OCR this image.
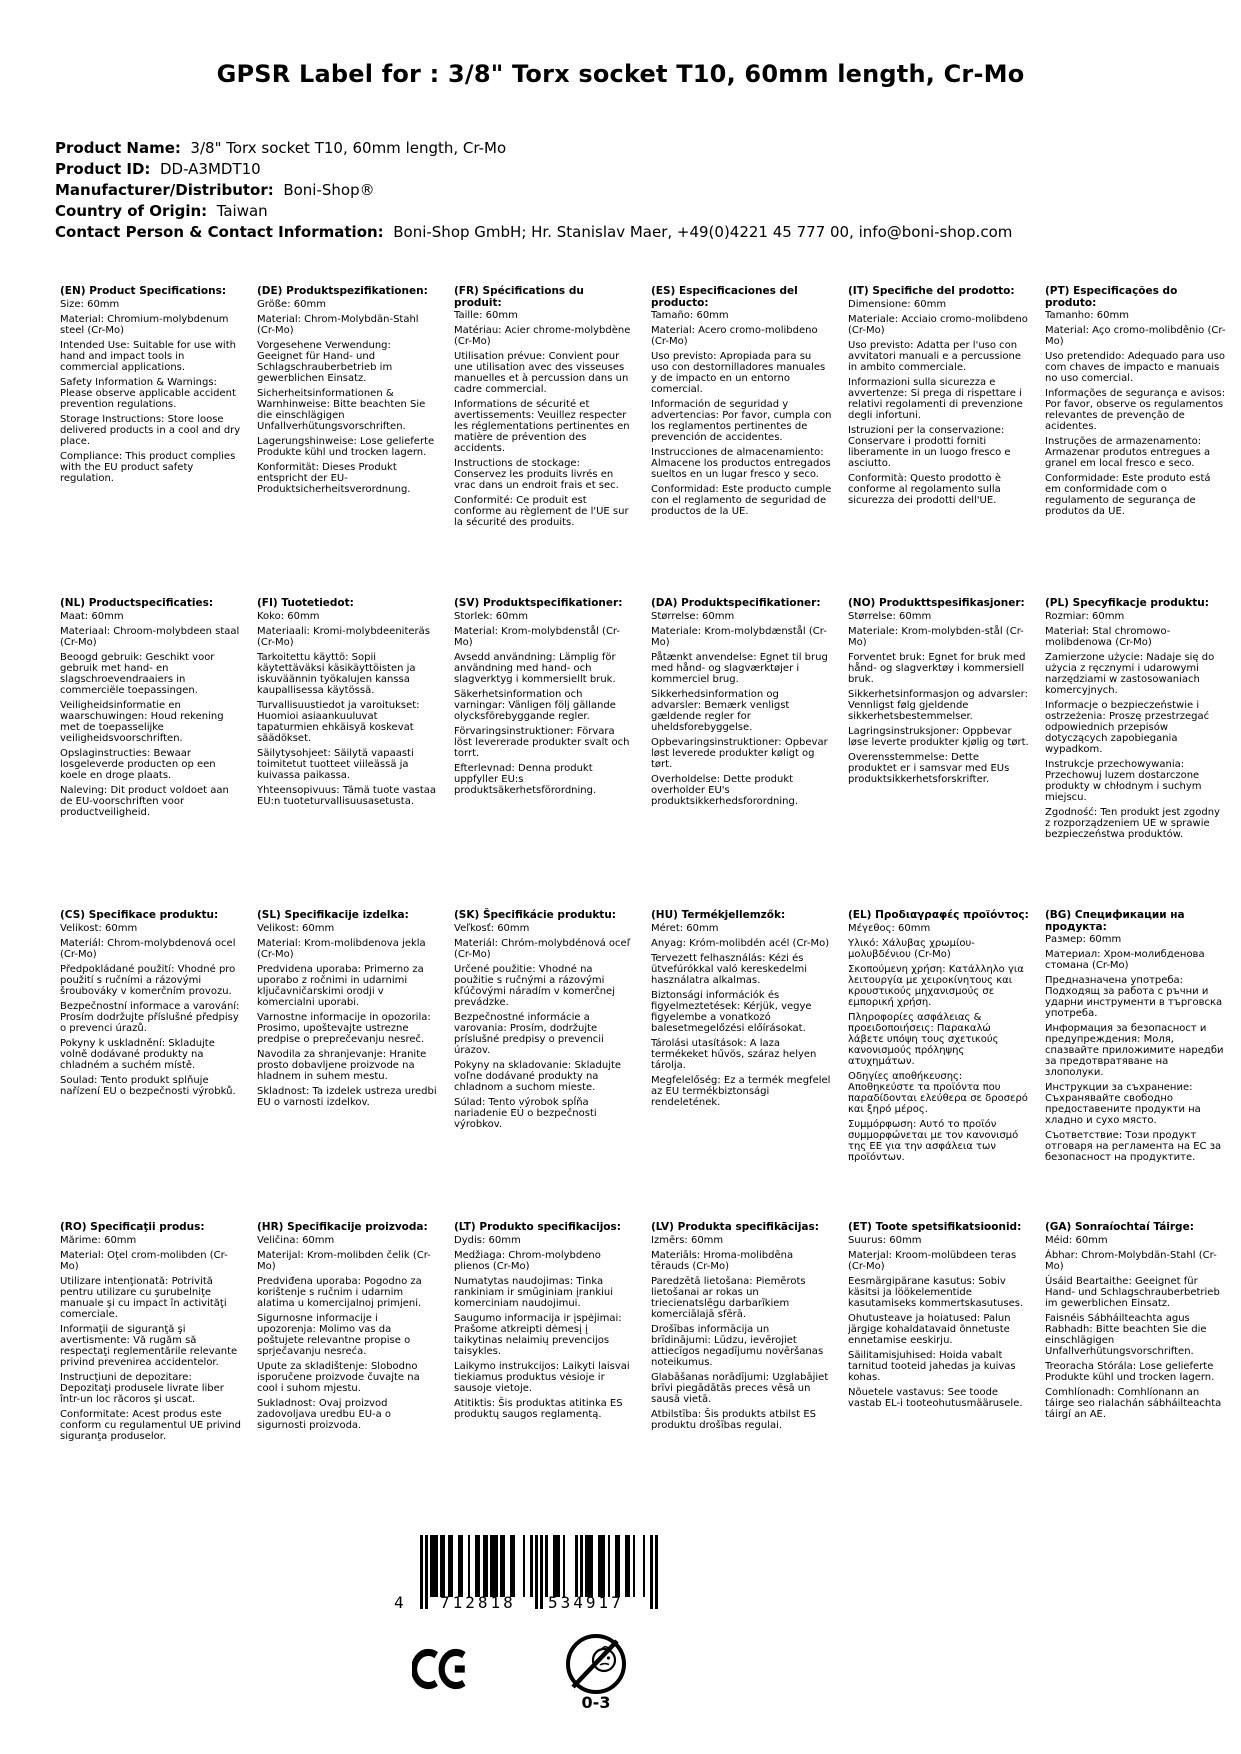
GPSR Label for : 3/8" Torx socket T10, 60mm length, Cr-Mo
Product Name: 3/8" Torx socket T10, 60mm length, Cr-Mo
Product ID: DD-A3MDT10
Manufacturer/Distributor: Boni-Shop®
Country of Origin: Taiwan
Contact Person & Contact Information: Boni-Shop GmbH; Hr. Stanislav Maer, +49(0)4221 45 777 00, info@boni-shop.com
(EN) Product Specifications:

Size: 60mm

Material: Chromium-molybdenum steel (Cr-Mo)

Intended Use: Suitable for use with hand and impact tools in commercial applications.

Safety Information & Warnings: Please observe applicable accident prevention regulations.

Storage Instructions: Store loose delivered products in a cool and dry place.

Compliance: This product complies with the EU product safety regulation.

(DE) Produktspezifikationen:

Größe: 60mm

Material: Chrom-Molybdän-Stahl (Cr-Mo)

Vorgesehene Verwendung: Geeignet für Hand- und Schlagschrauberbetrieb im gewerblichen Einsatz.

Sicherheitsinformationen & Warnhinweise: Bitte beachten Sie die einschlägigen Unfallverhütungsvorschriften.

Lagerungshinweise: Lose gelieferte Produkte kühl und trocken lagern.

Konformität: Dieses Produkt entspricht der EU-Produktsicherheitsverordnung.

(FR) Spécifications du produit:

Taille: 60mm

Matériau: Acier chrome-molybdène (Cr-Mo)

Utilisation prévue: Convient pour une utilisation avec des visseuses manuelles et à percussion dans un cadre commercial.

Informations de sécurité et avertissements: Veuillez respecter les réglementations pertinentes en matière de prévention des accidents.

Instructions de stockage: Conservez les produits livrés en vrac dans un endroit frais et sec.

Conformité: Ce produit est conforme au règlement de l'UE sur la sécurité des produits.

(ES) Especificaciones del producto:

Tamaño: 60mm

Material: Acero cromo-molibdeno (Cr-Mo)

Uso previsto: Apropiada para su uso con destornilladores manuales y de impacto en un entorno comercial.

Información de seguridad y advertencias: Por favor, cumpla con los reglamentos pertinentes de prevención de accidentes.

Instrucciones de almacenamiento: Almacene los productos entregados sueltos en un lugar fresco y seco.

Conformidad: Este producto cumple con el reglamento de seguridad de productos de la UE.

(IT) Specifiche del prodotto:

Dimensione: 60mm

Materiale: Acciaio cromo-molibdeno (Cr-Mo)

Uso previsto: Adatta per l'uso con avvitatori manuali e a percussione in ambito commerciale.

Informazioni sulla sicurezza e avvertenze: Si prega di rispettare i relativi regolamenti di prevenzione degli infortuni.

Istruzioni per la conservazione: Conservare i prodotti forniti liberamente in un luogo fresco e asciutto.

Conformità: Questo prodotto è conforme al regolamento sulla sicurezza dei prodotti dell'UE.

(PT) Especificações do produto:

Tamanho: 60mm

Material: Aço cromo-molibdênio (Cr-Mo)

Uso pretendido: Adequado para uso com chaves de impacto e manuais no uso comercial.

Informações de segurança e avisos: Por favor, observe os regulamentos relevantes de prevenção de acidentes.

Instruções de armazenamento: Armazenar produtos entregues a granel em local fresco e seco.

Conformidade: Este produto está em conformidade com o regulamento de segurança de produtos da UE.

(NL) Productspecificaties:

Maat: 60mm

Materiaal: Chroom-molybdeen staal (Cr-Mo)

Beoogd gebruik: Geschikt voor gebruik met hand- en slagschroevendraaiers in commerciële toepassingen.

Veiligheidsinformatie en waarschuwingen: Houd rekening met de toepasselijke veiligheidsvoorschriften.

Opslaginstructies: Bewaar losgeleverde producten op een koele en droge plaats.

Naleving: Dit product voldoet aan de EU-voorschriften voor productveiligheid.

(FI) Tuotetiedot:

Koko: 60mm

Materiaali: Kromi-molybdeeniteräs (Cr-Mo)

Tarkoitettu käyttö: Sopii käytettäväksi käsikäyttöisten ja iskuväännin työkalujen kanssa kaupallisessa käytössä.

Turvallisuustiedot ja varoitukset: Huomioi asiaankuuluvat tapaturmien ehkäisyä koskevat säädökset.

Säilytysohjeet: Säilytä vapaasti toimitetut tuotteet viileässä ja kuivassa paikassa.

Yhteensopivuus: Tämä tuote vastaa EU:n tuoteturvallisuusasetusta.

(SV) Produktspecifikationer:

Storlek: 60mm

Material: Krom-molybdenstål (Cr-Mo)

Avsedd användning: Lämplig för användning med hand- och slagverktyg i kommersiellt bruk.

Säkerhetsinformation och varningar: Vänligen följ gällande olycksförebyggande regler.

Förvaringsinstruktioner: Förvara löst levererade produkter svalt och torrt.

Efterlevnad: Denna produkt uppfyller EU:s produktsäkerhetsförordning.

(DA) Produktspecifikationer:

Størrelse: 60mm

Materiale: Krom-molybdænstål (Cr-Mo)

Påtænkt anvendelse: Egnet til brug med hånd- og slagværktøjer i kommerciel brug.

Sikkerhedsinformation og advarsler: Bemærk venligst gældende regler for uheldsforebyggelse.

Opbevaringsinstruktioner: Opbevar løst leverede produkter køligt og tørt.

Overholdelse: Dette produkt overholder EU's produktsikkerhedsforordning.

(NO) Produkttspesifikasjoner:

Størrelse: 60mm

Materiale: Krom-molybden-stål (Cr-Mo)

Forventet bruk: Egnet for bruk med hånd- og slagverktøy i kommersiell bruk.

Sikkerhetsinformasjon og advarsler: Vennligst følg gjeldende sikkerhetsbestemmelser.

Lagringsinstruksjoner: Oppbevar løse leverte produkter kjølig og tørt.

Overensstemmelse: Dette produktet er i samsvar med EUs produktsikkerhetsforskrifter.

(PL) Specyfikacje produktu:

Rozmiar: 60mm

Materiał: Stal chromowo-molibdenowa (Cr-Mo)

Zamierzone użycie: Nadaje się do użycia z ręcznymi i udarowymi narzędziami w zastosowaniach komercyjnych.

Informacje o bezpieczeństwie i ostrzeżenia: Proszę przestrzegać odpowiednich przepisów dotyczących zapobiegania wypadkom.

Instrukcje przechowywania: Przechowuj luzem dostarczone produkty w chłodnym i suchym miejscu.

Zgodność: Ten produkt jest zgodny z rozporządzeniem UE w sprawie bezpieczeństwa produktów.

(CS) Specifikace produktu:

Velikost: 60mm

Materiál: Chrom-molybdenová ocel (Cr-Mo)

Předpokládané použití: Vhodné pro použití s ručními a rázovými šroubováky v komerčním provozu.

Bezpečnostní informace a varování: Prosím dodržujte příslušné předpisy o prevenci úrazů.

Pokyny k uskladnění: Skladujte volně dodávané produkty na chladném a suchém místě.

Soulad: Tento produkt splňuje nařízení EU o bezpečnosti výrobků.

(SL) Specifikacije izdelka:

Velikost: 60mm

Material: Krom-molibdenova jekla (Cr-Mo)

Predvidena uporaba: Primerno za uporabo z ročnimi in udarnimi ključavničarskimi orodji v komercialni uporabi.

Varnostne informacije in opozorila: Prosimo, upoštevajte ustrezne predpise o preprečevanju nesreč.

Navodila za shranjevanje: Hranite prosto dobavljene proizvode na hladnem in suhem mestu.

Skladnost: Ta izdelek ustreza uredbi EU o varnosti izdelkov.

(SK) Špecifikácie produktu:

Veľkosť: 60mm

Materiál: Chróm-molybdénová oceľ (Cr-Mo)

Určené použitie: Vhodné na použitie s ručnými a rázovými kľúčovými náradím v komerčnej prevádzke.

Bezpečnostné informácie a varovania: Prosím, dodržujte príslušné predpisy o prevencii úrazov.

Pokyny na skladovanie: Skladujte voľne dodávané produkty na chladnom a suchom mieste.

Súlad: Tento výrobok spĺňa nariadenie EÚ o bezpečnosti výrobkov.

(HU) Termékjellemzők:

Méret: 60mm

Anyag: Króm-molibdén acél (Cr-Mo)

Tervezett felhasználás: Kézi és ütvefúrókkal való kereskedelmi használatra alkalmas.

Biztonsági információk és figyelmeztetések: Kérjük, vegye figyelembe a vonatkozó balesetmegelőzési előírásokat.

Tárolási utasítások: A laza termékeket hűvös, száraz helyen tárolja.

Megfelelőség: Ez a termék megfelel az EU termékbiztonsági rendeletének.

(EL) Προδιαγραφές προϊόντος:

Μέγεθος: 60mm

Υλικό: Χάλυβας χρωμίου-μολυβδένιου (Cr-Mo)

Σκοπούμενη χρήση: Κατάλληλο για λειτουργία με χειροκίνητους και κρουστικούς μηχανισμούς σε εμπορική χρήση.

Πληροφορίες ασφάλειας & προειδοποιήσεις: Παρακαλώ λάβετε υπόψη τους σχετικούς κανονισμούς πρόληψης ατυχημάτων.

Οδηγίες αποθήκευσης: Αποθηκεύστε τα προϊόντα που παραδίδονται ελεύθερα σε δροσερό και ξηρό μέρος.

Συμμόρφωση: Αυτό το προϊόν συμμορφώνεται με τον κανονισμό της ΕΕ για την ασφάλεια των προϊόντων.

(BG) Спецификации на продукта:

Размер: 60mm

Материал: Хром-молибденова стомана (Cr-Mo)

Предназначена употреба: Подходящ за работа с ръчни и ударни инструменти в търговска употреба.

Информация за безопасност и предупреждения: Моля, спазвайте приложимите наредби за предотвратяване на злополуки.

Инструкции за съхранение: Съхранявайте свободно предоставените продукти на хладно и сухо място.

Съответствие: Този продукт отговаря на регламента на ЕС за безопасност на продуктите.

(RO) Specificaţii produs:

Mărime: 60mm

Material: Oţel crom-molibden (Cr-Mo)

Utilizare intenţionată: Potrivită pentru utilizare cu şurubelniţe manuale şi cu impact în activităţi comerciale.

Informaţii de siguranţă şi avertismente: Vă rugăm să respectaţi reglementările relevante privind prevenirea accidentelor.

Instrucţiuni de depozitare: Depozitaţi produsele livrate liber într-un loc răcoros şi uscat.

Conformitate: Acest produs este conform cu regulamentul UE privind siguranţa produselor.

(HR) Specifikacije proizvoda:

Veličina: 60mm

Materijal: Krom-molibden čelik (Cr-Mo)

Predviđena uporaba: Pogodno za korištenje s ručnim i udarnim alatima u komercijalnoj primjeni.

Sigurnosne informacije i upozorenja: Molimo vas da poštujete relevantne propise o sprječavanju nesreća.

Upute za skladištenje: Slobodno isporučene proizvode čuvajte na cool i suhom mjestu.

Sukladnost: Ovaj proizvod zadovoljava uredbu EU-a o sigurnosti proizvoda.

(LT) Produkto specifikacijos:

Dydis: 60mm

Medžiaga: Chrom-molybdeno plienos (Cr-Mo)

Numatytas naudojimas: Tinka rankiniam ir smūginiam įrankiui komerciniam naudojimui.

Saugumo informacija ir įspėjimai: Prašome atkreipti dėmesį į taikytinas nelaimių prevencijos taisykles.

Laikymo instrukcijos: Laikyti laisvai tiekiamus produktus vėsioje ir sausoje vietoje.

Atitiktis: Šis produktas atitinka ES produktų saugos reglamentą.

(LV) Produkta specifikācijas:

Izmērs: 60mm

Materiāls: Hroma-molibdēna tērauds (Cr-Mo)

Paredzētā lietošana: Piemērots lietošanai ar rokas un triecienatslēgu darbarīkiem komerciālajā sfērā.

Drošības informācija un brīdinājumi: Lūdzu, ievērojiet attiecīgos negadījumu novēršanas noteikumus.

Glabāšanas norādījumi: Uzglabājiet brīvi piegādātās preces vēsā un sausā vietā.

Atbilstība: Šis produkts atbilst ES produktu drošības regulai.

(ET) Toote spetsifikatsioonid:

Suurus: 60mm

Materjal: Kroom-molübdeen teras (Cr-Mo)

Eesmärgipärane kasutus: Sobiv käsitsi ja löökelementide kasutamiseks kommertskasutuses.

Ohutusteave ja hoiatused: Palun järgige kohaldatavaid õnnetuste ennetamise eeskirju.

Säilitamisjuhised: Hoida vabalt tarnitud tooteid jahedas ja kuivas kohas.

Nõuetele vastavus: See toode vastab EL-i tooteohutusmäärusele.

(GA) Sonraíochtaí Táirge:

Méid: 60mm

Ábhar: Chrom-Molybdän-Stahl (Cr-Mo)

Úsáid Beartaithe: Geeignet für Hand- und Schlagschrauberbetrieb im gewerblichen Einsatz.

Faisnéis Sábháilteachta agus Rabhadh: Bitte beachten Sie die einschlägigen Unfallverhütungsvorschriften.

Treoracha Stórála: Lose gelieferte Produkte kühl und trocken lagern.

Comhlíonadh: Comhlíonann an táirge seo rialachán sábháilteachta táirgí an AE.

4 712818 534917
0-3
